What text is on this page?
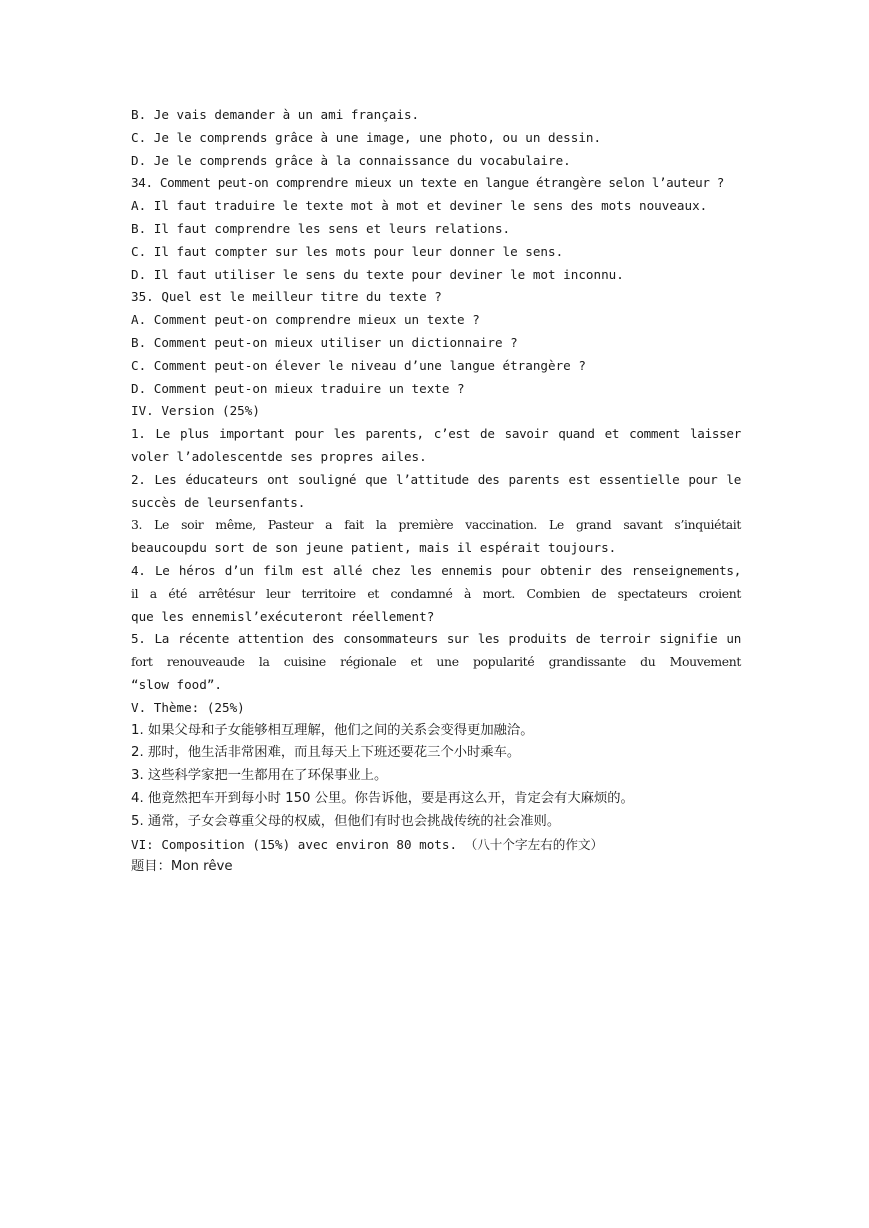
B. Je vais demander à un ami français.
C. Je le comprends grâce à une image, une photo, ou un dessin.
D. Je le comprends grâce à la connaissance du vocabulaire.
34. Comment peut-on comprendre mieux un texte en langue étrangère selon l’auteur ?
A. Il faut traduire le texte mot à mot et deviner le sens des mots nouveaux.
B. Il faut comprendre les sens et leurs relations.
C. Il faut compter sur les mots pour leur donner le sens.
D. Il faut utiliser le sens du texte pour deviner le mot inconnu.
35. Quel est le meilleur titre du texte ?
A. Comment peut-on comprendre mieux un texte ?
B. Comment peut-on mieux utiliser un dictionnaire ?
C. Comment peut-on élever le niveau d’une langue étrangère ?
D. Comment peut-on mieux traduire un texte ?
IV. Version (25%)
1. Le plus important pour les parents, c’est de savoir quand et comment laisser
voler l’adolescentde ses propres ailes.
2. Les éducateurs ont souligné que l’attitude des parents est essentielle pour le
succès de leursenfants.
3. Le soir même, Pasteur a fait la première vaccination. Le grand savant s’inquiétait
beaucoupdu sort de son jeune patient, mais il espérait toujours.
4. Le héros d’un film est allé chez les ennemis pour obtenir des renseignements,
il a été arrêtésur leur territoire et condamné à mort. Combien de spectateurs croient
que les ennemisl’exécuteront réellement?
5. La récente attention des consommateurs sur les produits de terroir signifie un
fort renouveaude la cuisine régionale et une popularité grandissante du Mouvement
“slow food”.
V. Thème: (25%)
1. 如果父母和子女能够相互理解，他们之间的关系会变得更加融洽。
2. 那时，他生活非常困难，而且每天上下班还要花三个小时乘车。
3. 这些科学家把一生都用在了环保事业上。
4. 他竟然把车开到每小时 150 公里。你告诉他，要是再这么开，肯定会有大麻烦的。
5. 通常，子女会尊重父母的权威，但他们有时也会挑战传统的社会准则。
VI: Composition (15%) avec environ 80 mots. （八十个字左右的作文）
题目：Mon rêve
